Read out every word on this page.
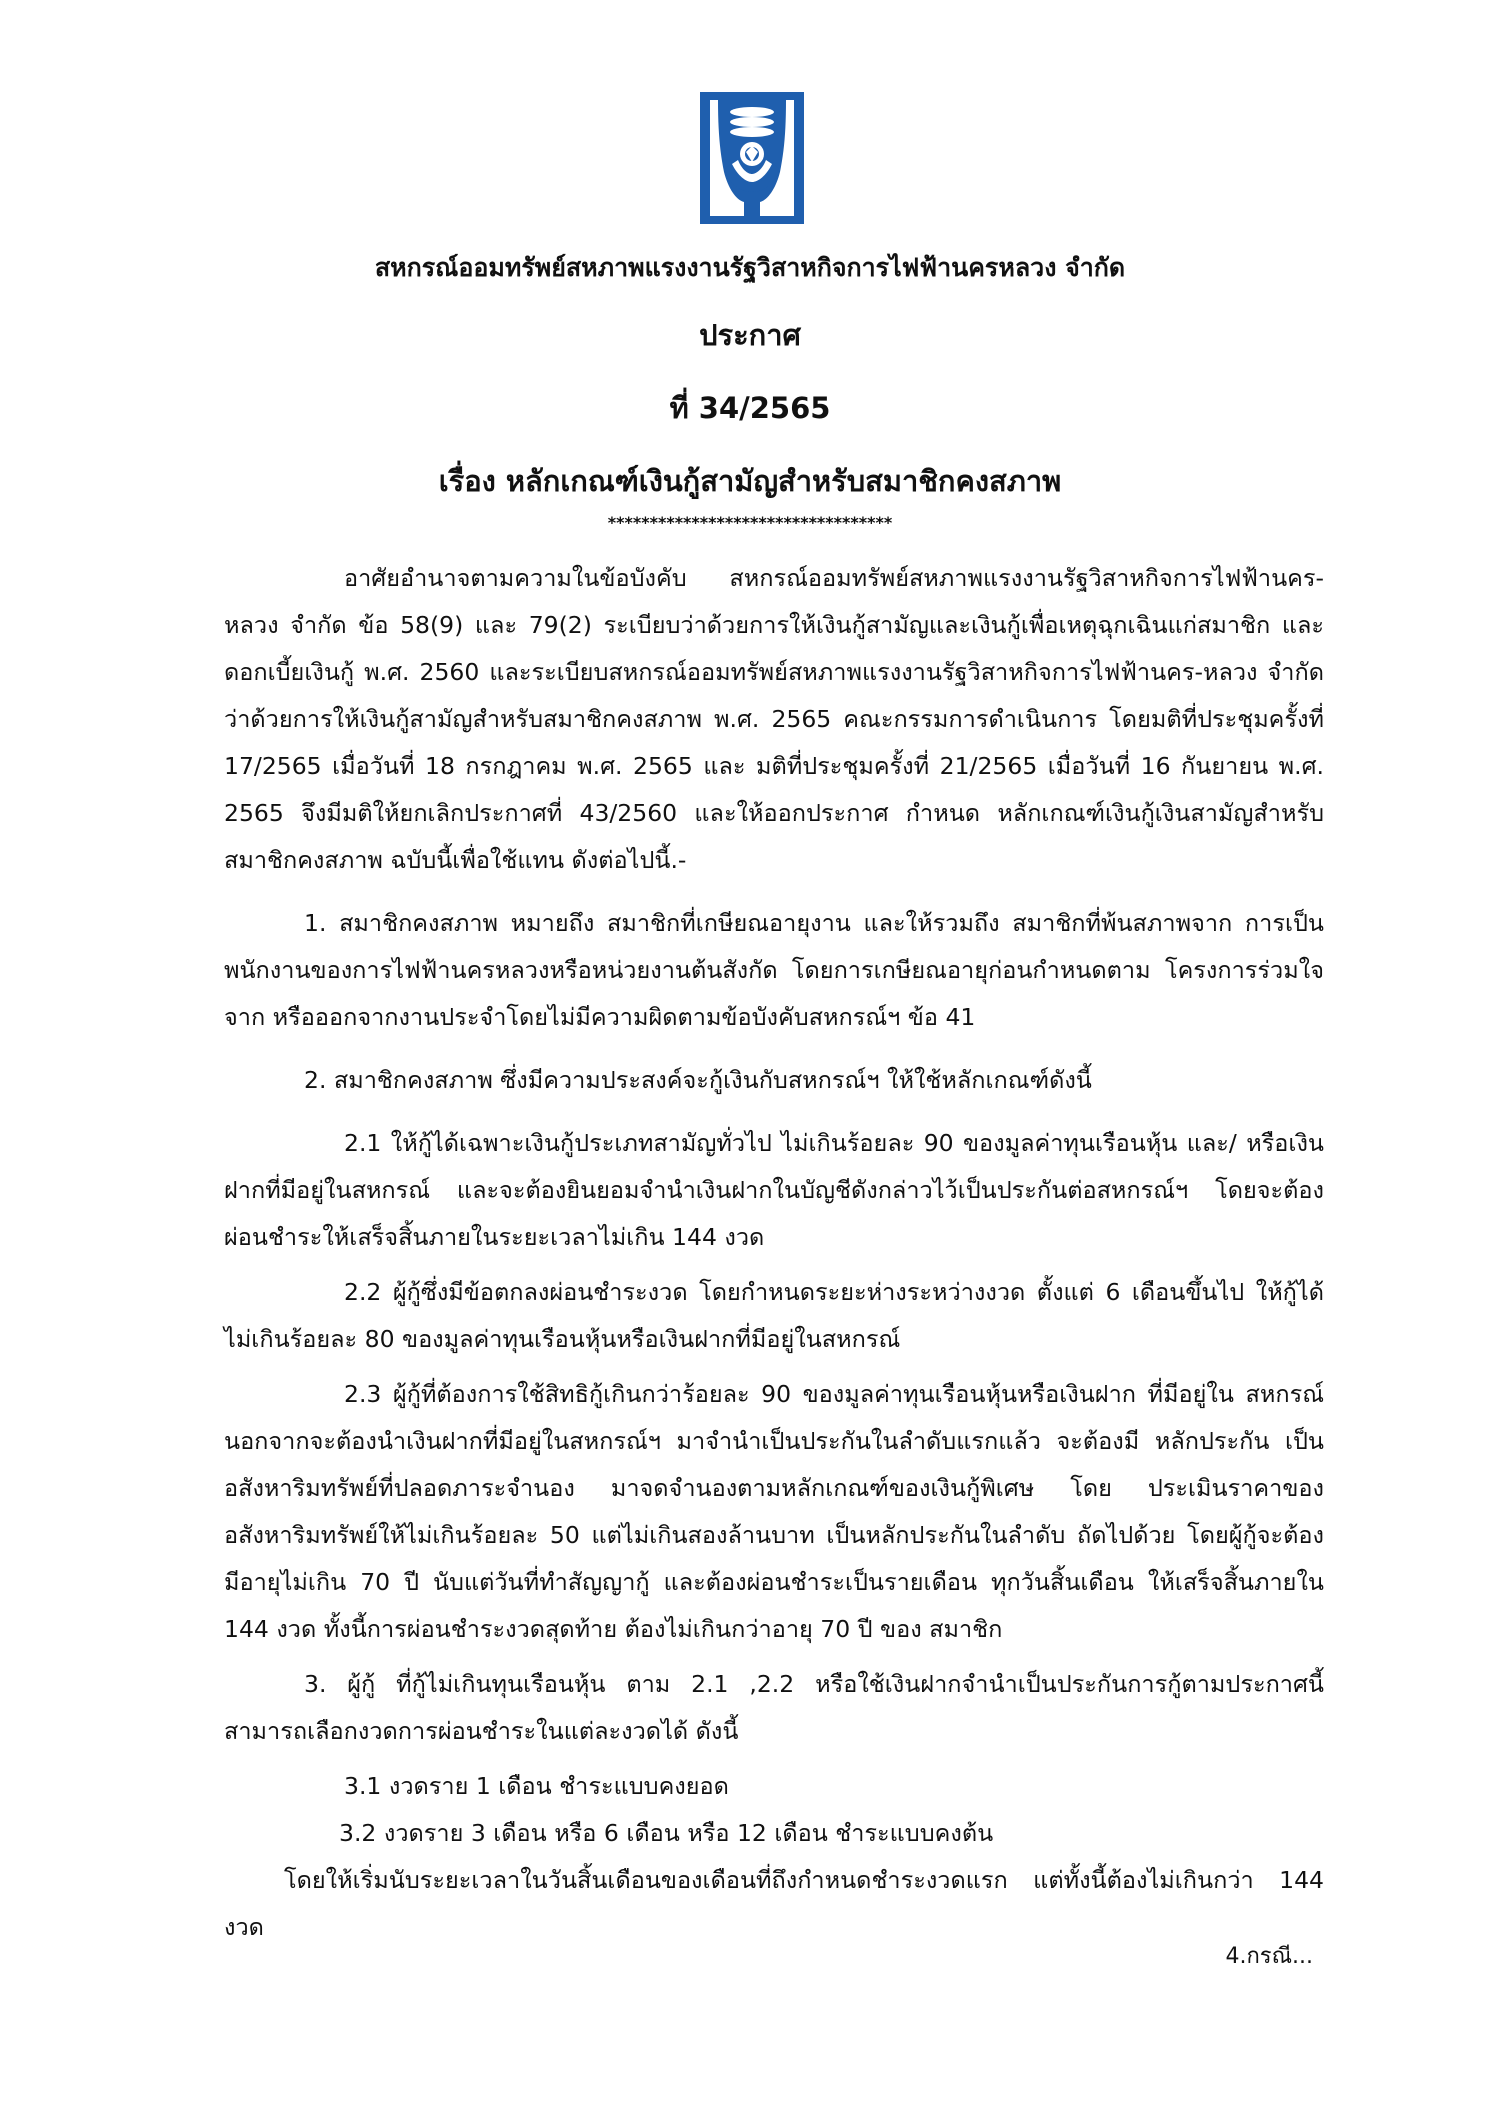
สหกรณ์ออมทรัพย์สหภาพแรงงานรัฐวิสาหกิจการไฟฟ้านครหลวง จำกัด
ประกาศ
ที่ 34/2565
เรื่อง หลักเกณฑ์เงินกู้สามัญสำหรับสมาชิกคงสภาพ
**********************************

อาศัยอำนาจตามความในข้อบังคับ สหกรณ์ออมทรัพย์สหภาพแรงงานรัฐวิสาหกิจการไฟฟ้านคร-หลวง จำกัด ข้อ 58(9) และ 79(2) ระเบียบว่าด้วยการให้เงินกู้สามัญและเงินกู้เพื่อเหตุฉุกเฉินแก่สมาชิก และดอกเบี้ยเงินกู้ พ.ศ. 2560 และระเบียบสหกรณ์ออมทรัพย์สหภาพแรงงานรัฐวิสาหกิจการไฟฟ้านคร-หลวง จำกัด ว่าด้วยการให้เงินกู้สามัญสำหรับสมาชิกคงสภาพ พ.ศ. 2565 คณะกรรมการดำเนินการ โดยมติที่ประชุมครั้งที่ 17/2565 เมื่อวันที่ 18 กรกฎาคม พ.ศ. 2565 และ มติที่ประชุมครั้งที่ 21/2565 เมื่อวันที่ 16 กันยายน พ.ศ. 2565 จึงมีมติให้ยกเลิกประกาศที่ 43/2560 และให้ออกประกาศ กำหนด หลักเกณฑ์เงินกู้เงินสามัญสำหรับสมาชิกคงสภาพ ฉบับนี้เพื่อใช้แทน ดังต่อไปนี้.-

1. สมาชิกคงสภาพ หมายถึง สมาชิกที่เกษียณอายุงาน และให้รวมถึง สมาชิกที่พ้นสภาพจาก การเป็นพนักงานของการไฟฟ้านครหลวงหรือหน่วยงานต้นสังกัด โดยการเกษียณอายุก่อนกำหนดตาม โครงการร่วมใจจาก หรือออกจากงานประจำโดยไม่มีความผิดตามข้อบังคับสหกรณ์ฯ ข้อ 41

2. สมาชิกคงสภาพ ซึ่งมีความประสงค์จะกู้เงินกับสหกรณ์ฯ ให้ใช้หลักเกณฑ์ดังนี้

2.1 ให้กู้ได้เฉพาะเงินกู้ประเภทสามัญทั่วไป ไม่เกินร้อยละ 90 ของมูลค่าทุนเรือนหุ้น และ/ หรือเงินฝากที่มีอยู่ในสหกรณ์ และจะต้องยินยอมจำนำเงินฝากในบัญชีดังกล่าวไว้เป็นประกันต่อสหกรณ์ฯ โดยจะต้องผ่อนชำระให้เสร็จสิ้นภายในระยะเวลาไม่เกิน 144 งวด

2.2 ผู้กู้ซึ่งมีข้อตกลงผ่อนชำระงวด โดยกำหนดระยะห่างระหว่างงวด ตั้งแต่ 6 เดือนขึ้นไป ให้กู้ได้ไม่เกินร้อยละ 80 ของมูลค่าทุนเรือนหุ้นหรือเงินฝากที่มีอยู่ในสหกรณ์

2.3 ผู้กู้ที่ต้องการใช้สิทธิกู้เกินกว่าร้อยละ 90 ของมูลค่าทุนเรือนหุ้นหรือเงินฝาก ที่มีอยู่ใน สหกรณ์ นอกจากจะต้องนำเงินฝากที่มีอยู่ในสหกรณ์ฯ มาจำนำเป็นประกันในลำดับแรกแล้ว จะต้องมี หลักประกัน เป็นอสังหาริมทรัพย์ที่ปลอดภาระจำนอง มาจดจำนองตามหลักเกณฑ์ของเงินกู้พิเศษ โดย ประเมินราคาของอสังหาริมทรัพย์ให้ไม่เกินร้อยละ 50 แต่ไม่เกินสองล้านบาท เป็นหลักประกันในลำดับ ถัดไปด้วย โดยผู้กู้จะต้องมีอายุไม่เกิน 70 ปี นับแต่วันที่ทำสัญญากู้ และต้องผ่อนชำระเป็นรายเดือน ทุกวันสิ้นเดือน ให้เสร็จสิ้นภายใน 144 งวด ทั้งนี้การผ่อนชำระงวดสุดท้าย ต้องไม่เกินกว่าอายุ 70 ปี ของ สมาชิก

3. ผู้กู้ ที่กู้ไม่เกินทุนเรือนหุ้น ตาม 2.1 ,2.2 หรือใช้เงินฝากจำนำเป็นประกันการกู้ตามประกาศนี้ สามารถเลือกงวดการผ่อนชำระในแต่ละงวดได้ ดังนี้

3.1 งวดราย 1 เดือน ชำระแบบคงยอด

3.2 งวดราย 3 เดือน หรือ 6 เดือน หรือ 12 เดือน ชำระแบบคงต้น

โดยให้เริ่มนับระยะเวลาในวันสิ้นเดือนของเดือนที่ถึงกำหนดชำระงวดแรก แต่ทั้งนี้ต้องไม่เกินกว่า 144 งวด

4.กรณี...
